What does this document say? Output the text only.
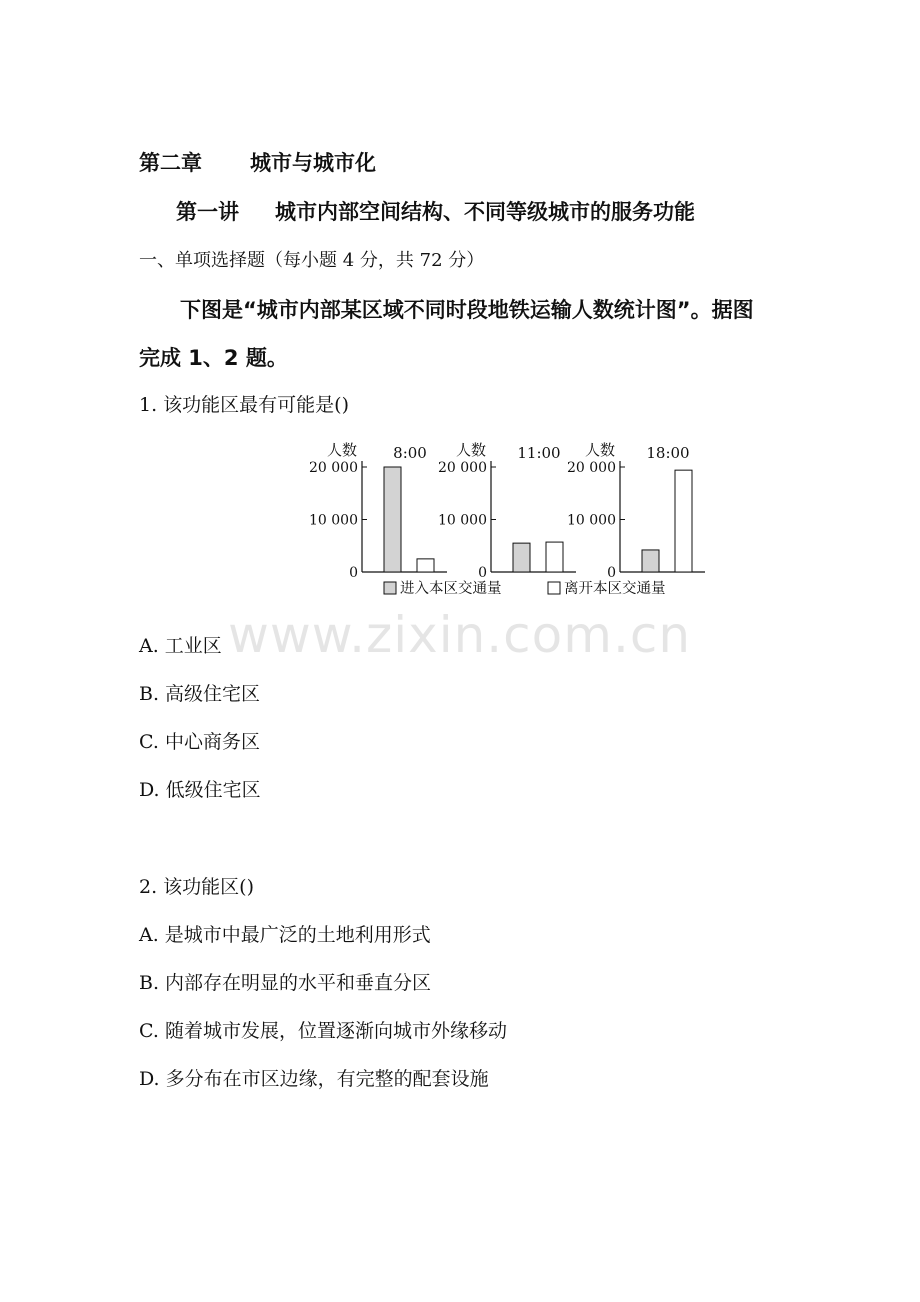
第二章 城市与城市化
第一讲 城市内部空间结构、不同等级城市的服务功能
一、单项选择题（每小题 4 分，共 72 分）
下图是“城市内部某区域不同时段地铁运输人数统计图”。据图
完成 1、2 题。
1. 该功能区最有可能是()
0
10 000
20 000
人数 8:00
0
10 000
20 000
人数 11:00
0
10 000
20 000
人数 18:00
进入本区交通量	离开本区交通量
A. 工业区
B. 高级住宅区
C. 中心商务区
D. 低级住宅区
2. 该功能区()
A. 是城市中最广泛的土地利用形式
B. 内部存在明显的水平和垂直分区
C. 随着城市发展，位置逐渐向城市外缘移动
D. 多分布在市区边缘，有完整的配套设施
www.zixin.com.cn
